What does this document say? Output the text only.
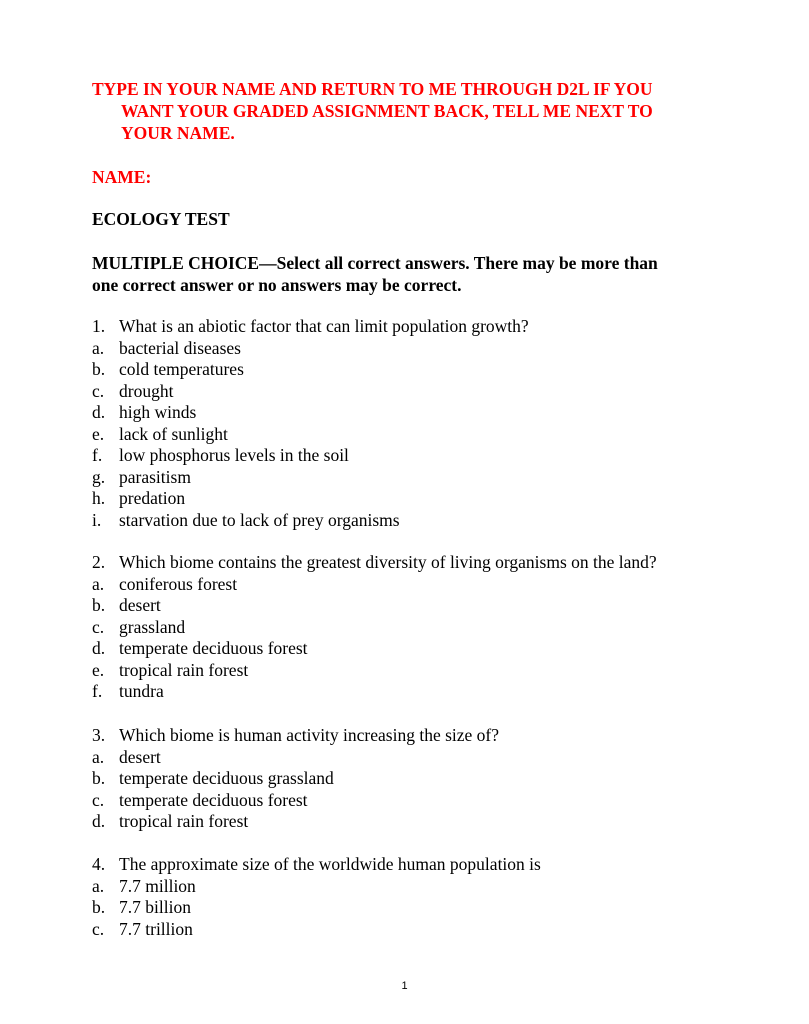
TYPE IN YOUR NAME AND RETURN TO ME THROUGH D2L IF YOU
WANT YOUR GRADED ASSIGNMENT BACK, TELL ME NEXT TO
YOUR NAME.
NAME:
ECOLOGY TEST
MULTIPLE CHOICE—Select all correct answers. There may be more than
one correct answer or no answers may be correct.
1. What is an abiotic factor that can limit population growth?
a. bacterial diseases
b. cold temperatures
c. drought
d. high winds
e. lack of sunlight
f. low phosphorus levels in the soil
g. parasitism
h. predation
i.	starvation due to lack of prey organisms
2. Which biome contains the greatest diversity of living organisms on the land?
a. coniferous forest
b. desert
c. grassland
d. temperate deciduous forest
e. tropical rain forest
f. tundra
3. Which biome is human activity increasing the size of?
a. desert
b. temperate deciduous grassland
c. temperate deciduous forest
d. tropical rain forest
4. The approximate size of the worldwide human population is
a. 7.7 million
b. 7.7 billion
c. 7.7 trillion
1
